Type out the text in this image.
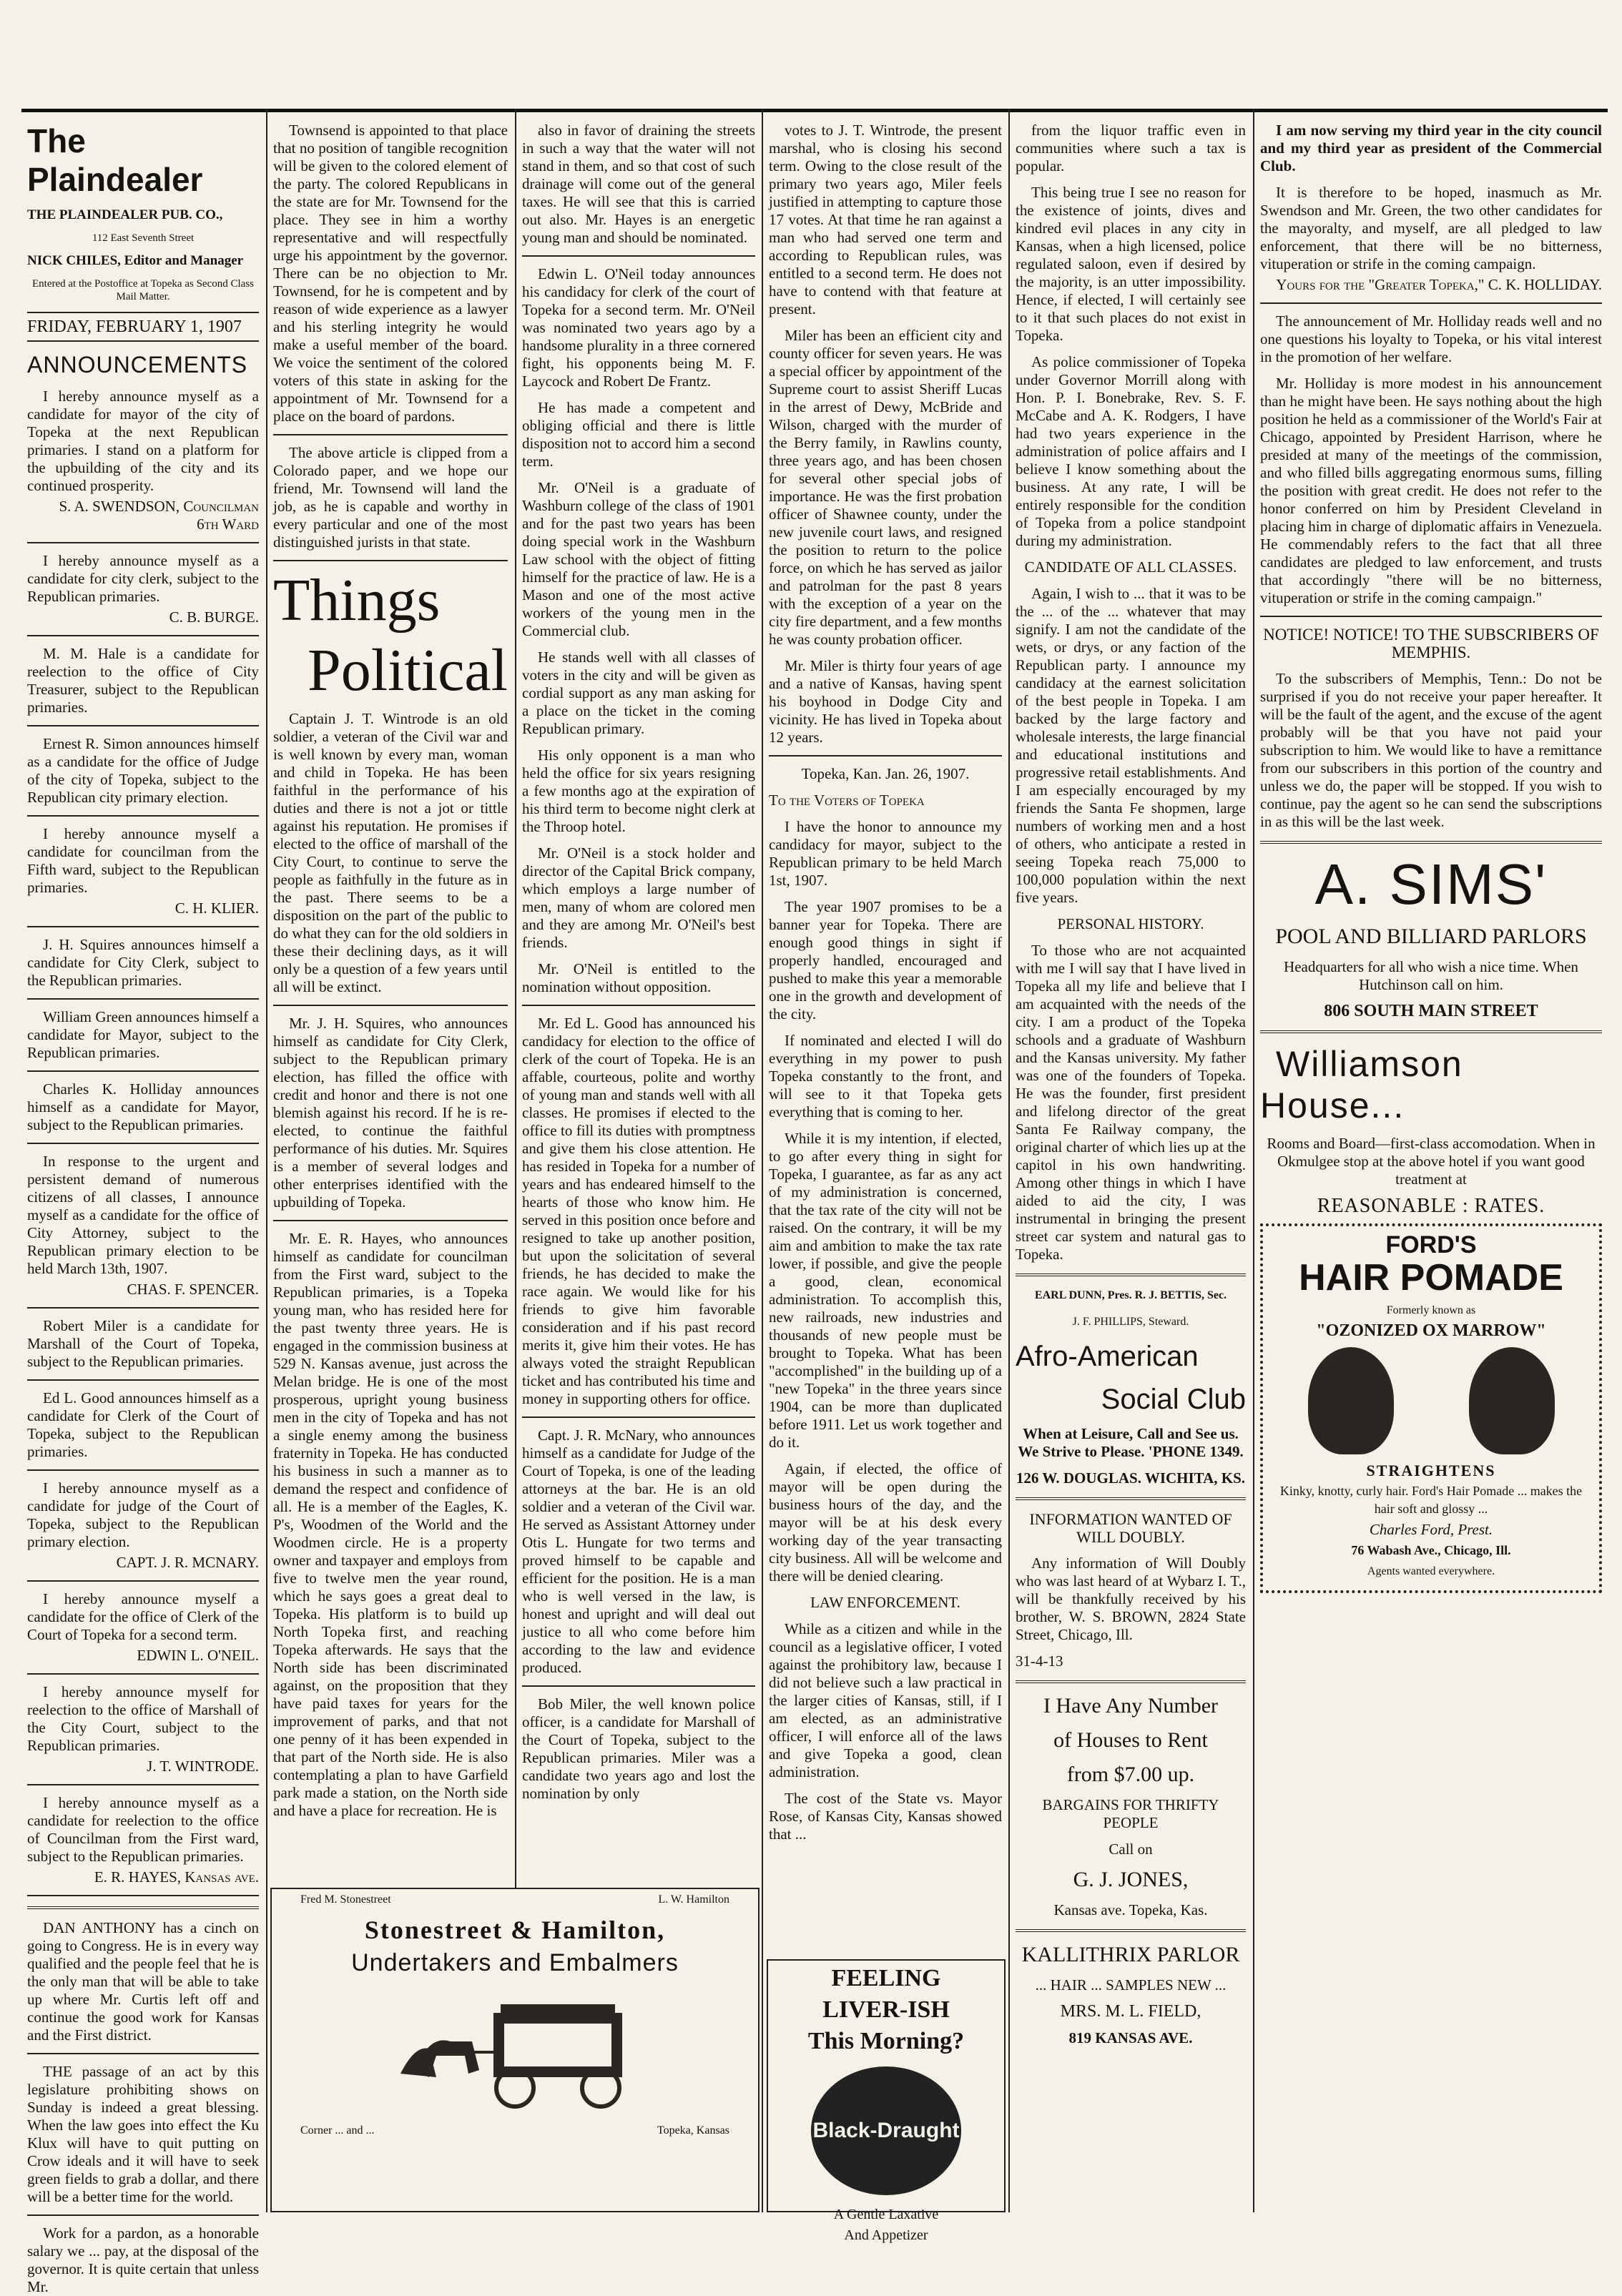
The Plaindealer

THE PLAINDEALER PUB. CO.,

112 East Seventh Street

NICK CHILES, Editor and Manager

Entered at the Postoffice at Topeka as Second Class Mail Matter.

FRIDAY, FEBRUARY 1, 1907

ANNOUNCEMENTS

I hereby announce myself as a candidate for mayor of the city of Topeka at the next Republican primaries. I stand on a platform for the upbuilding of the city and its continued prosperity.

S. A. SWENDSON, Councilman 6th Ward

I hereby announce myself as a candidate for city clerk, subject to the Republican primaries.

C. B. BURGE.

M. M. Hale is a candidate for reelection to the office of City Treasurer, subject to the Republican primaries.

Ernest R. Simon announces himself as a candidate for the office of Judge of the city of Topeka, subject to the Republican city primary election.

I hereby announce myself a candidate for councilman from the Fifth ward, subject to the Republican primaries.

C. H. KLIER.

J. H. Squires announces himself a candidate for City Clerk, subject to the Republican primaries.

William Green announces himself a candidate for Mayor, subject to the Republican primaries.

Charles K. Holliday announces himself as a candidate for Mayor, subject to the Republican primaries.

In response to the urgent and persistent demand of numerous citizens of all classes, I announce myself as a candidate for the office of City Attorney, subject to the Republican primary election to be held March 13th, 1907.

CHAS. F. SPENCER.

Robert Miler is a candidate for Marshall of the Court of Topeka, subject to the Republican primaries.

Ed L. Good announces himself as a candidate for Clerk of the Court of Topeka, subject to the Republican primaries.

I hereby announce myself as a candidate for judge of the Court of Topeka, subject to the Republican primary election.

CAPT. J. R. MCNARY.

I hereby announce myself a candidate for the office of Clerk of the Court of Topeka for a second term.

EDWIN L. O'NEIL.

I hereby announce myself for reelection to the office of Marshall of the City Court, subject to the Republican primaries.

J. T. WINTRODE.

I hereby announce myself as a candidate for reelection to the office of Councilman from the First ward, subject to the Republican primaries.

E. R. HAYES, Kansas ave.

DAN ANTHONY has a cinch on going to Congress. He is in every way qualified and the people feel that he is the only man that will be able to take up where Mr. Curtis left off and continue the good work for Kansas and the First district.

THE passage of an act by this legislature prohibiting shows on Sunday is indeed a great blessing. When the law goes into effect the Ku Klux will have to quit putting on Crow ideals and it will have to seek green fields to grab a dollar, and there will be a better time for the world.

Work for a pardon, as a honorable salary we ... pay, at the disposal of the governor. It is quite certain that unless Mr.

Townsend is appointed to that place that no position of tangible recognition will be given to the colored element of the party. The colored Republicans in the state are for Mr. Townsend for the place. They see in him a worthy representative and will respectfully urge his appointment by the governor. There can be no objection to Mr. Townsend, for he is competent and by reason of wide experience as a lawyer and his sterling integrity he would make a useful member of the board. We voice the sentiment of the colored voters of this state in asking for the appointment of Mr. Townsend for a place on the board of pardons.

The above article is clipped from a Colorado paper, and we hope our friend, Mr. Townsend will land the job, as he is capable and worthy in every particular and one of the most distinguished jurists in that state.

Things

Political

Captain J. T. Wintrode is an old soldier, a veteran of the Civil war and is well known by every man, woman and child in Topeka. He has been faithful in the performance of his duties and there is not a jot or tittle against his reputation. He promises if elected to the office of marshall of the City Court, to continue to serve the people as faithfully in the future as in the past. There seems to be a disposition on the part of the public to do what they can for the old soldiers in these their declining days, as it will only be a question of a few years until all will be extinct.

Mr. J. H. Squires, who announces himself as candidate for City Clerk, subject to the Republican primary election, has filled the office with credit and honor and there is not one blemish against his record. If he is re-elected, to continue the faithful performance of his duties. Mr. Squires is a member of several lodges and other enterprises identified with the upbuilding of Topeka.

Mr. E. R. Hayes, who announces himself as candidate for councilman from the First ward, subject to the Republican primaries, is a Topeka young man, who has resided here for the past twenty three years. He is engaged in the commission business at 529 N. Kansas avenue, just across the Melan bridge. He is one of the most prosperous, upright young business men in the city of Topeka and has not a single enemy among the business fraternity in Topeka. He has conducted his business in such a manner as to demand the respect and confidence of all. He is a member of the Eagles, K. P's, Woodmen of the World and the Woodmen circle. He is a property owner and taxpayer and employs from five to twelve men the year round, which he says goes a great deal to Topeka. His platform is to build up North Topeka first, and reaching Topeka afterwards. He says that the North side has been discriminated against, on the proposition that they have paid taxes for years for the improvement of parks, and that not one penny of it has been expended in that part of the North side. He is also contemplating a plan to have Garfield park made a station, on the North side and have a place for recreation. He is

also in favor of draining the streets in such a way that the water will not stand in them, and so that cost of such drainage will come out of the general taxes. He will see that this is carried out also. Mr. Hayes is an energetic young man and should be nominated.

Edwin L. O'Neil today announces his candidacy for clerk of the court of Topeka for a second term. Mr. O'Neil was nominated two years ago by a handsome plurality in a three cornered fight, his opponents being M. F. Laycock and Robert De Frantz.

He has made a competent and obliging official and there is little disposition not to accord him a second term.

Mr. O'Neil is a graduate of Washburn college of the class of 1901 and for the past two years has been doing special work in the Washburn Law school with the object of fitting himself for the practice of law. He is a Mason and one of the most active workers of the young men in the Commercial club.

He stands well with all classes of voters in the city and will be given as cordial support as any man asking for a place on the ticket in the coming Republican primary.

His only opponent is a man who held the office for six years resigning a few months ago at the expiration of his third term to become night clerk at the Throop hotel.

Mr. O'Neil is a stock holder and director of the Capital Brick company, which employs a large number of men, many of whom are colored men and they are among Mr. O'Neil's best friends.

Mr. O'Neil is entitled to the nomination without opposition.

Mr. Ed L. Good has announced his candidacy for election to the office of clerk of the court of Topeka. He is an affable, courteous, polite and worthy of young man and stands well with all classes. He promises if elected to the office to fill its duties with promptness and give them his close attention. He has resided in Topeka for a number of years and has endeared himself to the hearts of those who know him. He served in this position once before and resigned to take up another position, but upon the solicitation of several friends, he has decided to make the race again. We would like for his friends to give him favorable consideration and if his past record merits it, give him their votes. He has always voted the straight Republican ticket and has contributed his time and money in supporting others for office.

Capt. J. R. McNary, who announces himself as a candidate for Judge of the Court of Topeka, is one of the leading attorneys at the bar. He is an old soldier and a veteran of the Civil war. He served as Assistant Attorney under Otis L. Hungate for two terms and proved himself to be capable and efficient for the position. He is a man who is well versed in the law, is honest and upright and will deal out justice to all who come before him according to the law and evidence produced.

Bob Miler, the well known police officer, is a candidate for Marshall of the Court of Topeka, subject to the Republican primaries. Miler was a candidate two years ago and lost the nomination by only

votes to J. T. Wintrode, the present marshal, who is closing his second term. Owing to the close result of the primary two years ago, Miler feels justified in attempting to capture those 17 votes. At that time he ran against a man who had served one term and according to Republican rules, was entitled to a second term. He does not have to contend with that feature at present.

Miler has been an efficient city and county officer for seven years. He was a special officer by appointment of the Supreme court to assist Sheriff Lucas in the arrest of Dewy, McBride and Wilson, charged with the murder of the Berry family, in Rawlins county, three years ago, and has been chosen for several other special jobs of importance. He was the first probation officer of Shawnee county, under the new juvenile court laws, and resigned the position to return to the police force, on which he has served as jailor and patrolman for the past 8 years with the exception of a year on the city fire department, and a few months he was county probation officer.

Mr. Miler is thirty four years of age and a native of Kansas, having spent his boyhood in Dodge City and vicinity. He has lived in Topeka about 12 years.

Topeka, Kan. Jan. 26, 1907.

To the Voters of Topeka

I have the honor to announce my candidacy for mayor, subject to the Republican primary to be held March 1st, 1907.

The year 1907 promises to be a banner year for Topeka. There are enough good things in sight if properly handled, encouraged and pushed to make this year a memorable one in the growth and development of the city.

If nominated and elected I will do everything in my power to push Topeka constantly to the front, and will see to it that Topeka gets everything that is coming to her.

While it is my intention, if elected, to go after every thing in sight for Topeka, I guarantee, as far as any act of my administration is concerned, that the tax rate of the city will not be raised. On the contrary, it will be my aim and ambition to make the tax rate lower, if possible, and give the people a good, clean, economical administration. To accomplish this, new railroads, new industries and thousands of new people must be brought to Topeka. What has been "accomplished" in the building up of a "new Topeka" in the three years since 1904, can be more than duplicated before 1911. Let us work together and do it.

Again, if elected, the office of mayor will be open during the business hours of the day, and the mayor will be at his desk every working day of the year transacting city business. All will be welcome and there will be denied clearing.

LAW ENFORCEMENT.

While as a citizen and while in the council as a legislative officer, I voted against the prohibitory law, because I did not believe such a law practical in the larger cities of Kansas, still, if I am elected, as an administrative officer, I will enforce all of the laws and give Topeka a good, clean administration.

The cost of the State vs. Mayor Rose, of Kansas City, Kansas showed that ...

from the liquor traffic even in communities where such a tax is popular.

This being true I see no reason for the existence of joints, dives and kindred evil places in any city in Kansas, when a high licensed, police regulated saloon, even if desired by the majority, is an utter impossibility. Hence, if elected, I will certainly see to it that such places do not exist in Topeka.

As police commissioner of Topeka under Governor Morrill along with Hon. P. I. Bonebrake, Rev. S. F. McCabe and A. K. Rodgers, I have had two years experience in the administration of police affairs and I believe I know something about the business. At any rate, I will be entirely responsible for the condition of Topeka from a police standpoint during my administration.

CANDIDATE OF ALL CLASSES.

Again, I wish to ... that it was to be the ... of the ... whatever that may signify. I am not the candidate of the wets, or drys, or any faction of the Republican party. I announce my candidacy at the earnest solicitation of the best people in Topeka. I am backed by the large factory and wholesale interests, the large financial and educational institutions and progressive retail establishments. And I am especially encouraged by my friends the Santa Fe shopmen, large numbers of working men and a host of others, who anticipate a rested in seeing Topeka reach 75,000 to 100,000 population within the next five years.

PERSONAL HISTORY.

To those who are not acquainted with me I will say that I have lived in Topeka all my life and believe that I am acquainted with the needs of the city. I am a product of the Topeka schools and a graduate of Washburn and the Kansas university. My father was one of the founders of Topeka. He was the founder, first president and lifelong director of the great Santa Fe Railway company, the original charter of which lies up at the capitol in his own handwriting. Among other things in which I have aided to aid the city, I was instrumental in bringing the present street car system and natural gas to Topeka.

EARL DUNN, Pres. R. J. BETTIS, Sec.

J. F. PHILLIPS, Steward.

Afro-American

Social Club

When at Leisure, Call and See us. We Strive to Please. 'PHONE 1349.

126 W. DOUGLAS. WICHITA, KS.

INFORMATION WANTED OF WILL DOUBLY.

Any information of Will Doubly who was last heard of at Wybarz I. T., will be thankfully received by his brother, W. S. BROWN, 2824 State Street, Chicago, Ill.

31-4-13

I Have Any Number

of Houses to Rent

from $7.00 up.

BARGAINS FOR THRIFTY PEOPLE

Call on

G. J. JONES,

Kansas ave. Topeka, Kas.

KALLITHRIX PARLOR

... HAIR ... SAMPLES NEW ...

MRS. M. L. FIELD,

819 KANSAS AVE.

I am now serving my third year in the city council and my third year as president of the Commercial Club.

It is therefore to be hoped, inasmuch as Mr. Swendson and Mr. Green, the two other candidates for the mayoralty, and myself, are all pledged to law enforcement, that there will be no bitterness, vituperation or strife in the coming campaign.

Yours for the "Greater Topeka," C. K. HOLLIDAY.

The announcement of Mr. Holliday reads well and no one questions his loyalty to Topeka, or his vital interest in the promotion of her welfare.

Mr. Holliday is more modest in his announcement than he might have been. He says nothing about the high position he held as a commissioner of the World's Fair at Chicago, appointed by President Harrison, where he presided at many of the meetings of the commission, and who filled bills aggregating enormous sums, filling the position with great credit. He does not refer to the honor conferred on him by President Cleveland in placing him in charge of diplomatic affairs in Venezuela. He commendably refers to the fact that all three candidates are pledged to law enforcement, and trusts that accordingly "there will be no bitterness, vituperation or strife in the coming campaign."

NOTICE! NOTICE! TO THE SUBSCRIBERS OF MEMPHIS.

To the subscribers of Memphis, Tenn.: Do not be surprised if you do not receive your paper hereafter. It will be the fault of the agent, and the excuse of the agent probably will be that you have not paid your subscription to him. We would like to have a remittance from our subscribers in this portion of the country and unless we do, the paper will be stopped. If you wish to continue, pay the agent so he can send the subscriptions in as this will be the last week.

A. SIMS'

POOL AND BILLIARD PARLORS

Headquarters for all who wish a nice time. When Hutchinson call on him.

806 SOUTH MAIN STREET

Williamson House...

Rooms and Board—first-class accomodation. When in Okmulgee stop at the above hotel if you want good treatment at

REASONABLE : RATES.

FORD'S

HAIR POMADE

Formerly known as

"OZONIZED OX MARROW"

STRAIGHTENS

Kinky, knotty, curly hair. Ford's Hair Pomade ... makes the hair soft and glossy ...

Charles Ford, Prest.

76 Wabash Ave., Chicago, Ill.

Agents wanted everywhere.

Fred M. Stonestreet	L. W. Hamilton

Stonestreet & Hamilton,

Undertakers and Embalmers

Corner ... and ...	Topeka, Kansas

FEELING

LIVER-ISH

This Morning?

Black-Draught

A Gentle Laxative

And Appetizer
